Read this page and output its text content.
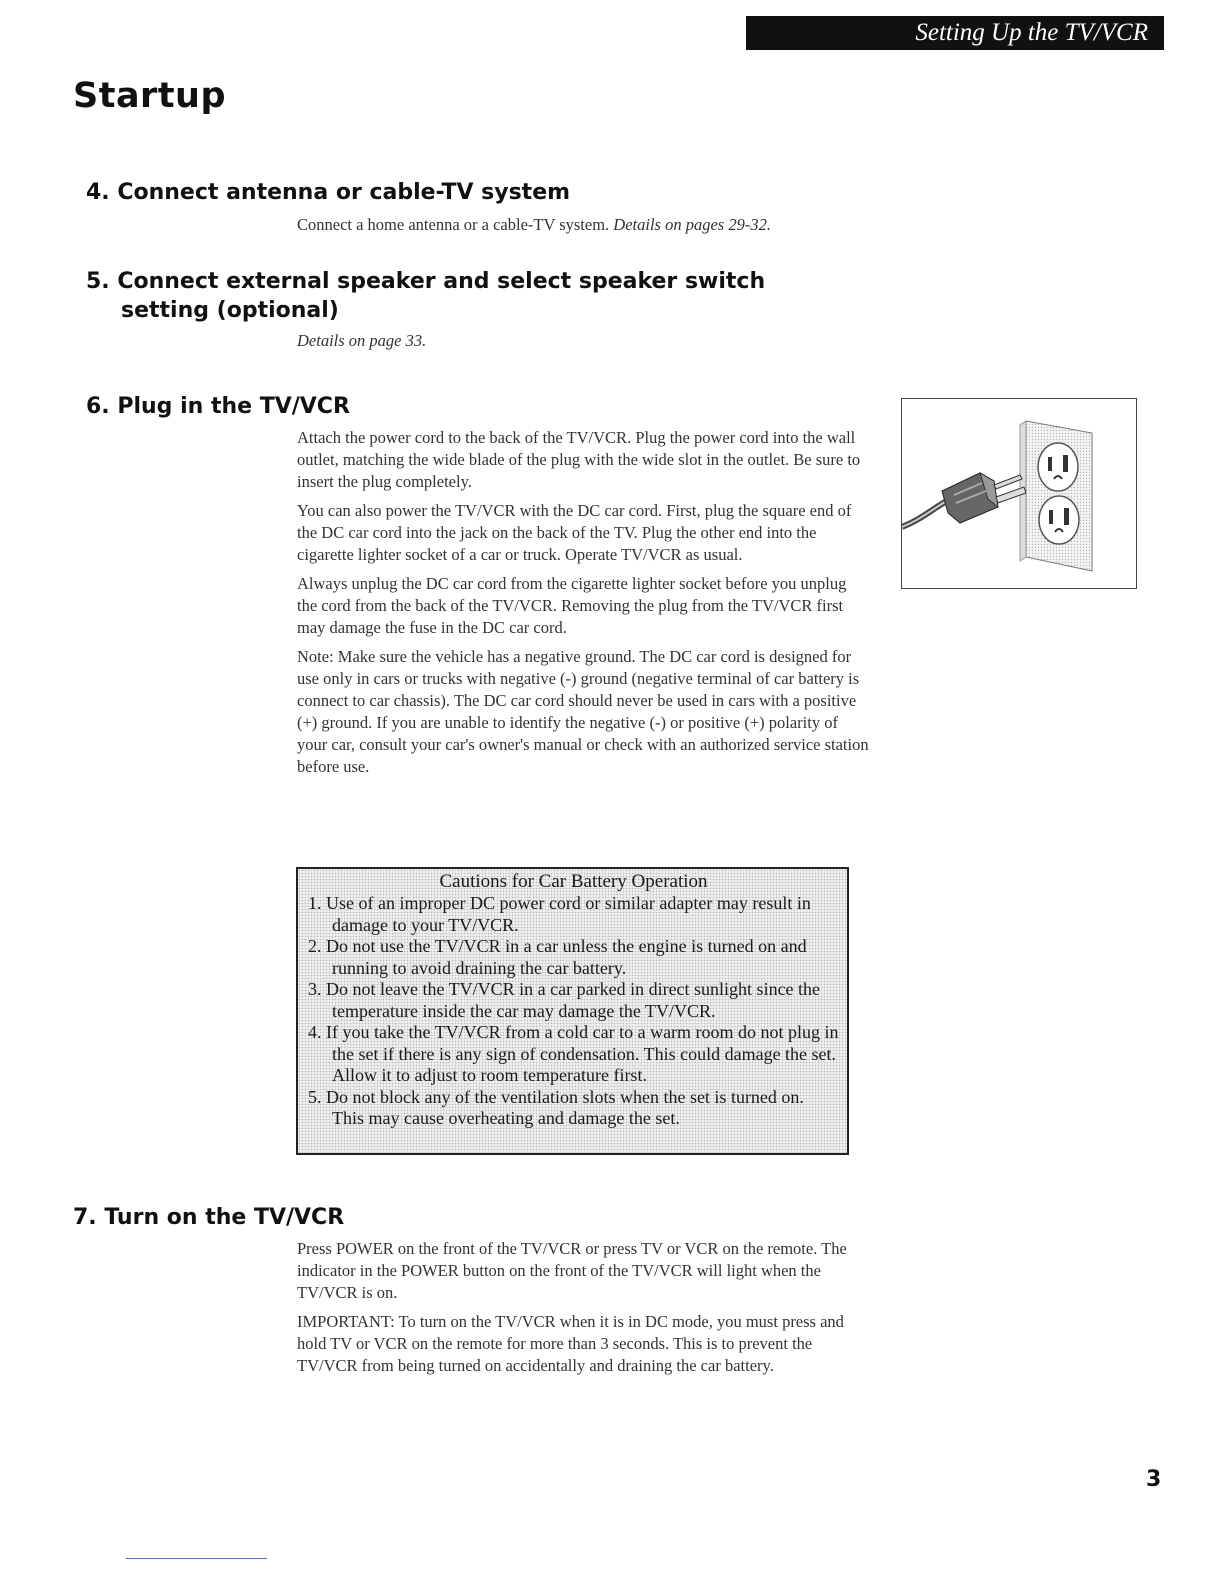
Setting Up the TV/VCR
Startup
4. Connect antenna or cable-TV system
Connect a home antenna or a cable-TV system. Details on pages 29-32.
5. Connect external speaker and select speaker switch
setting (optional)
Details on page 33.
6. Plug in the TV/VCR

Attach the power cord to the back of the TV/VCR. Plug the power cord into the wall outlet, matching the wide blade of the plug with the wide slot in the outlet. Be sure to insert the plug completely.

You can also power the TV/VCR with the DC car cord. First, plug the square end of the DC car cord into the jack on the back of the TV. Plug the other end into the cigarette lighter socket of a car or truck. Operate TV/VCR as usual.

Always unplug the DC car cord from the cigarette lighter socket before you unplug the cord from the back of the TV/VCR. Removing the plug from the TV/VCR first may damage the fuse in the DC car cord.

Note: Make sure the vehicle has a negative ground. The DC car cord is designed for use only in cars or trucks with negative (-) ground (negative terminal of car battery is connect to car chassis). The DC car cord should never be used in cars with a positive (+) ground. If you are unable to identify the negative (-) or positive (+) polarity of your car, consult your car's owner's manual or check with an authorized service station before use.

Cautions for Car Battery Operation
1. Use of an improper DC power cord or similar adapter may result in damage to your TV/VCR.
2. Do not use the TV/VCR in a car unless the engine is turned on and running to avoid draining the car battery.
3. Do not leave the TV/VCR in a car parked in direct sunlight since the temperature inside the car may damage the TV/VCR.
4. If you take the TV/VCR from a cold car to a warm room do not plug in the set if there is any sign of condensation. This could damage the set. Allow it to adjust to room temperature first.
5. Do not block any of the ventilation slots when the set is turned on. This may cause overheating and damage the set.
7. Turn on the TV/VCR

Press POWER on the front of the TV/VCR or press TV or VCR on the remote. The indicator in the POWER button on the front of the TV/VCR will light when the TV/VCR is on.

IMPORTANT: To turn on the TV/VCR when it is in DC mode, you must press and hold TV or VCR on the remote for more than 3 seconds. This is to prevent the TV/VCR from being turned on accidentally and draining the car battery.

3
